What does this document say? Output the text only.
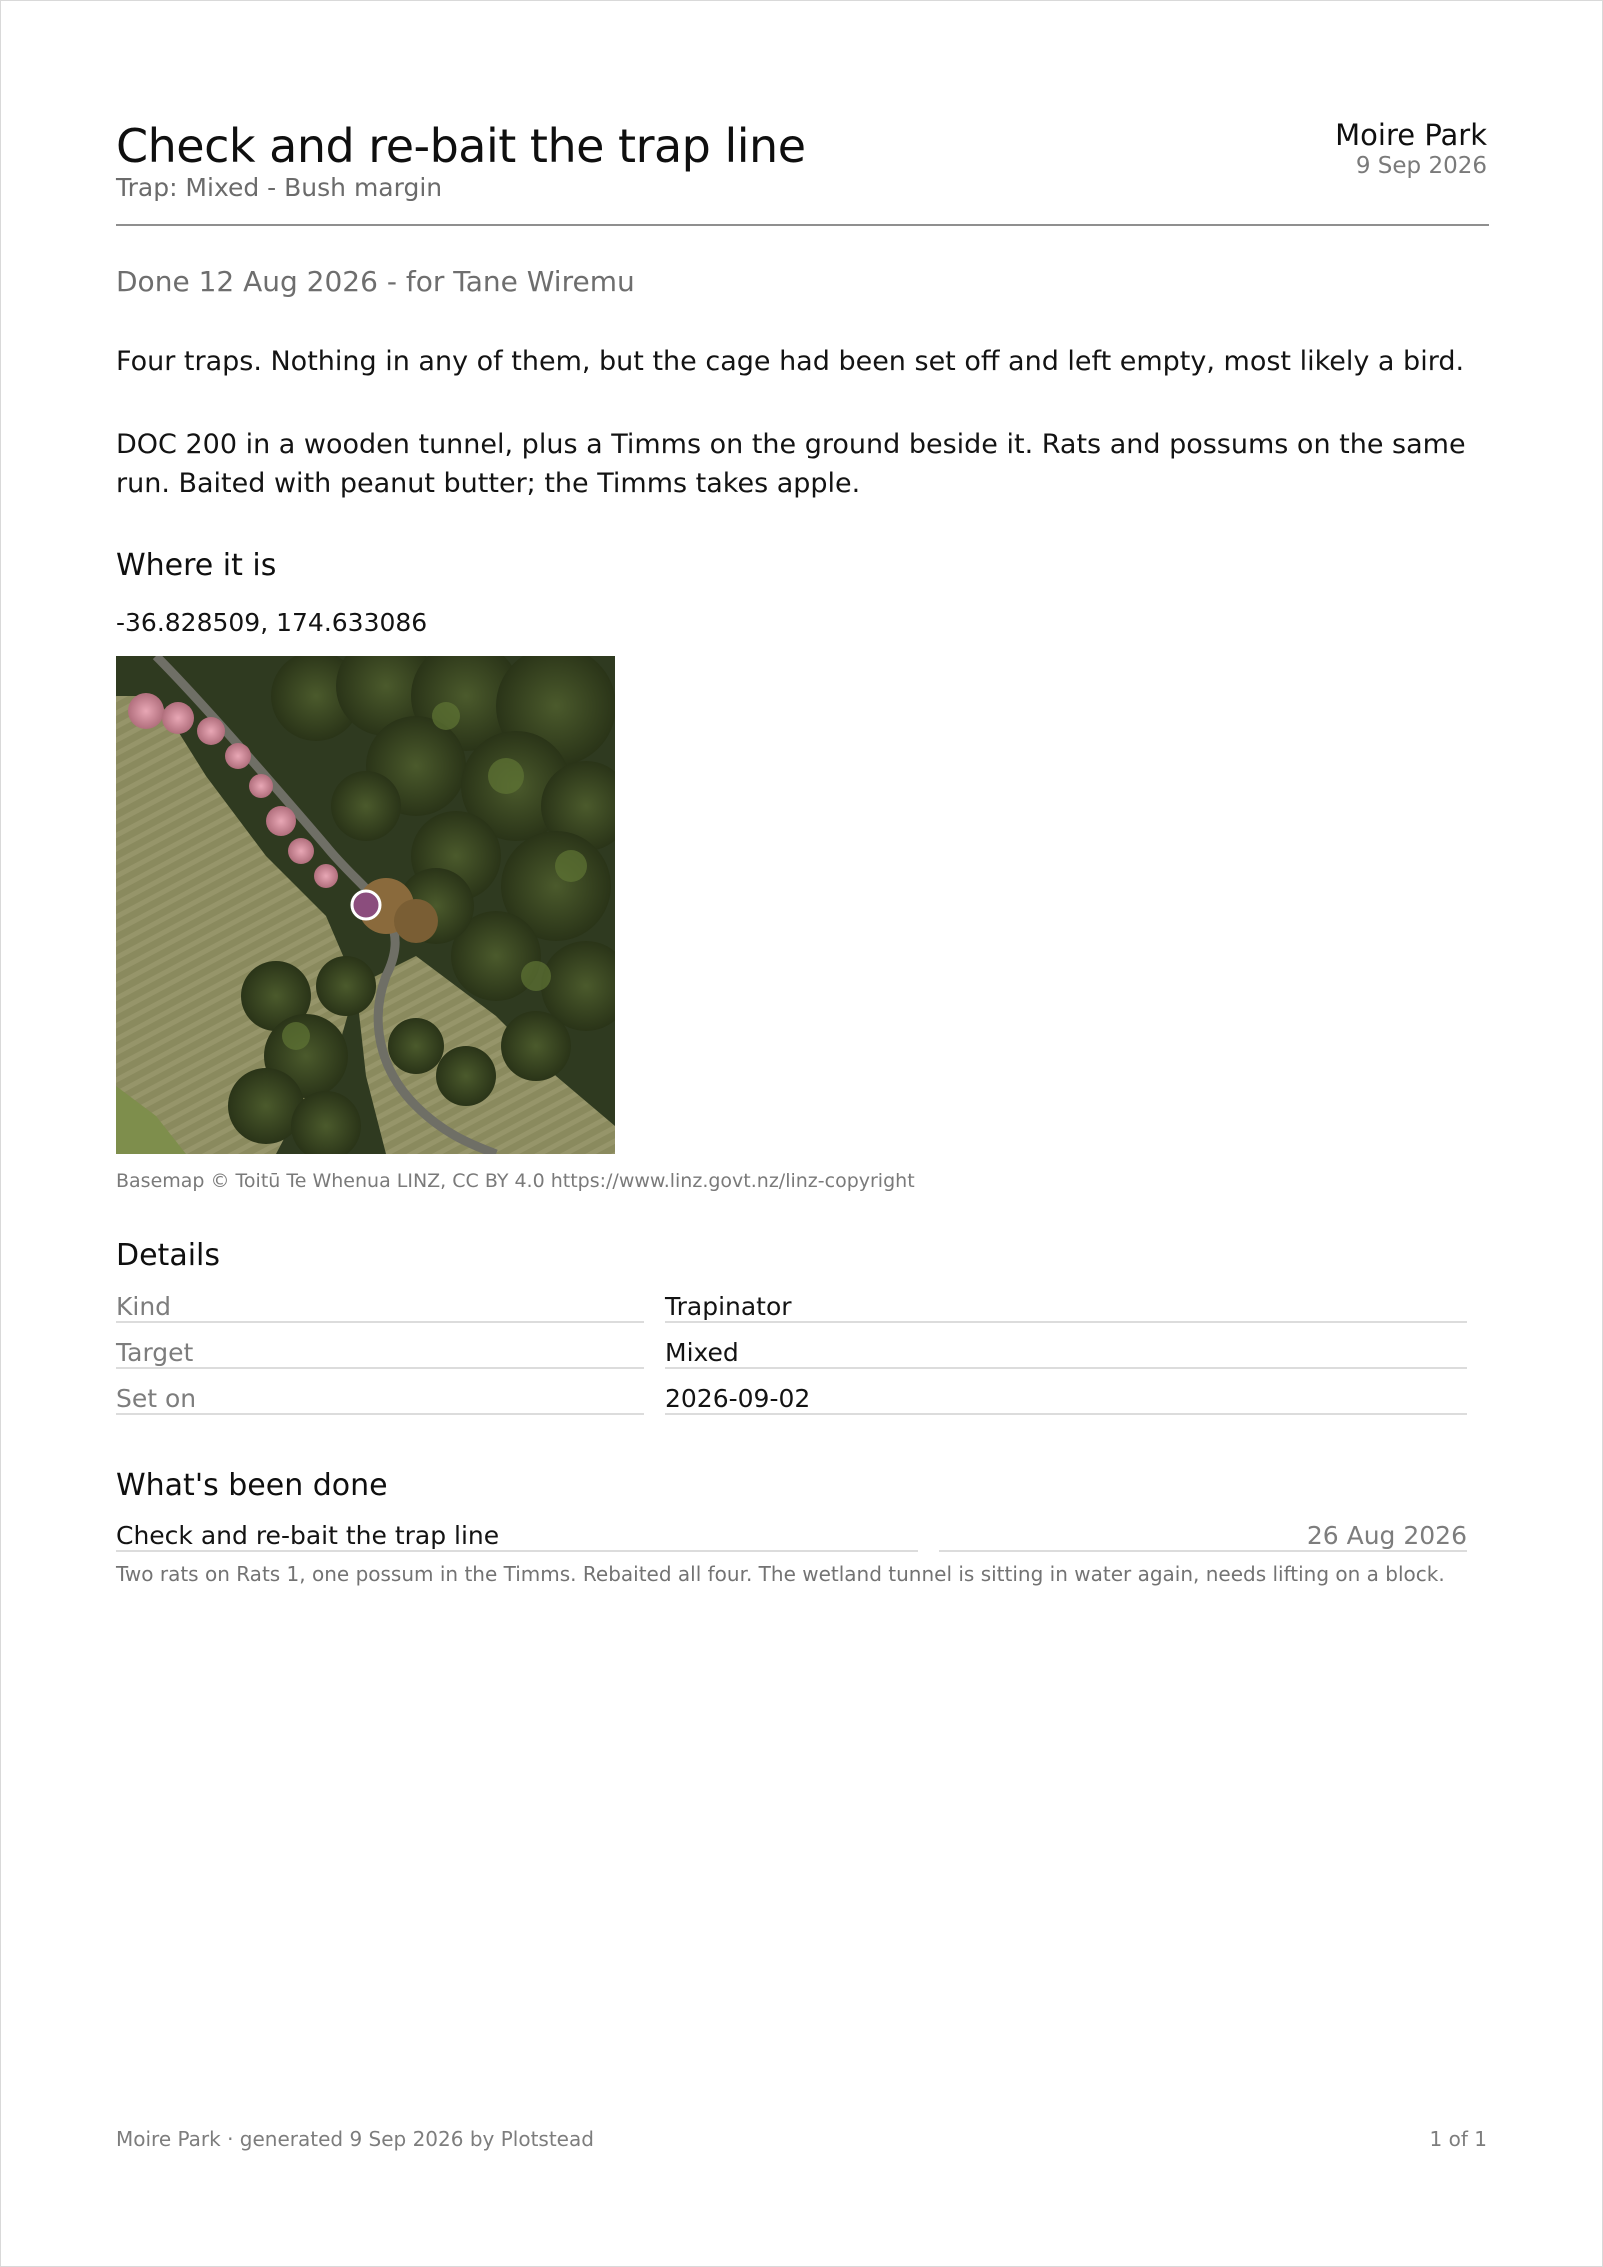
Check and re-bait the trap line
Trap: Mixed - Bush margin
Moire Park
9 Sep 2026
Done 12 Aug 2026 - for Tane Wiremu
Four traps. Nothing in any of them, but the cage had been set off and left empty, most likely a bird.
DOC 200 in a wooden tunnel, plus a Timms on the ground beside it. Rats and possums on the same run. Baited with peanut butter; the Timms takes apple.
Where it is
-36.828509, 174.633086
Basemap © Toitū Te Whenua LINZ, CC BY 4.0 https://www.linz.govt.nz/linz-copyright
Details
Kind	Trapinator
Target	Mixed
Set on	2026-09-02
What's been done
Check and re-bait the trap line	26 Aug 2026
Two rats on Rats 1, one possum in the Timms. Rebaited all four. The wetland tunnel is sitting in water again, needs lifting on a block.
Moire Park · generated 9 Sep 2026 by Plotstead	1 of 1
